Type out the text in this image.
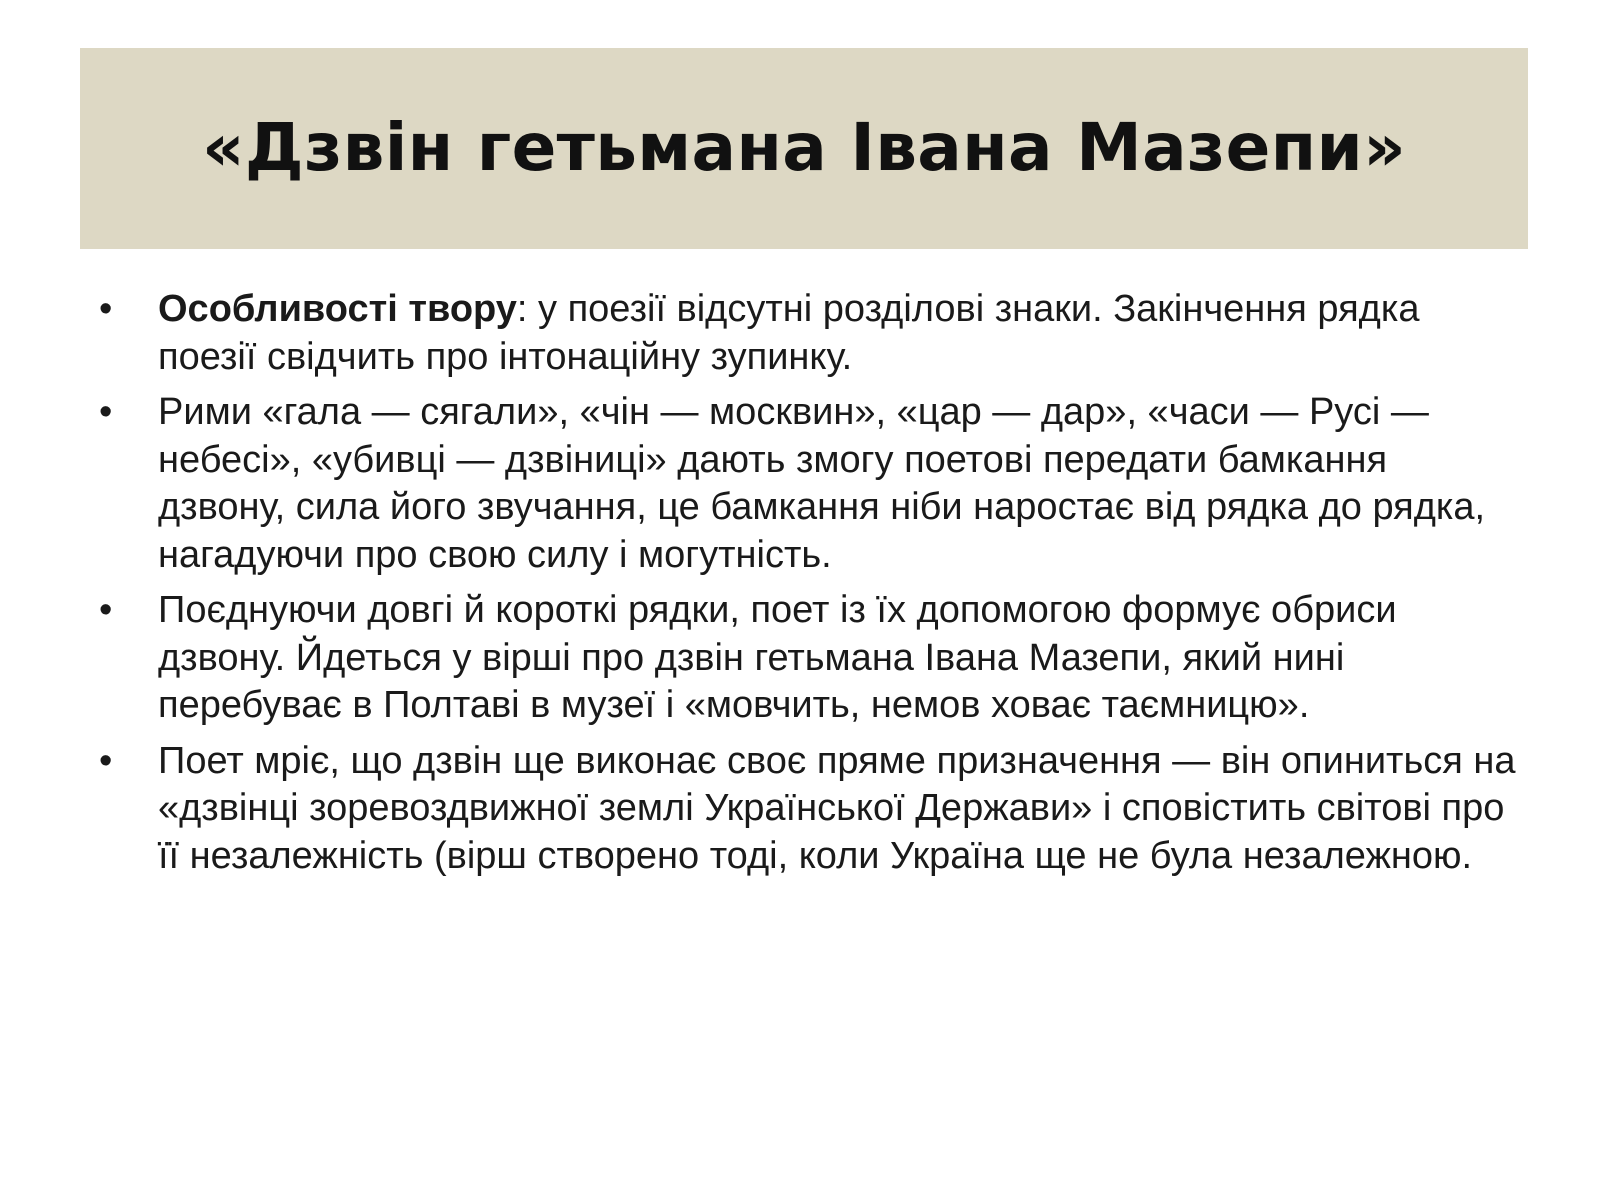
«Дзвін гетьмана Івана Мазепи»
• Особливості твору: у поезії відсутні розділові знаки. Закінчення рядка поезії свідчить про інтонаційну зупинку.
• Рими «гала — сягали», «чін — москвин», «цар — дар», «часи — Русі — небесі», «убивці — дзвіниці» дають змогу поетові передати бамкання дзвону, сила його звучання, це бамкання ніби наростає від рядка до рядка, нагадуючи про свою силу і могутність.
• Поєднуючи довгі й короткі рядки, поет із їх допомогою формує обриси дзвону. Йдеться у вірші про дзвін гетьмана Івана Мазепи, який нині перебуває в Полтаві в музеї і «мовчить, немов ховає таємницю».
• Поет мріє, що дзвін ще виконає своє пряме призначення — він опиниться на «дзвінці зоревоздвижної землі Української Держави» і сповістить світові про її незалежність (вірш створено тоді, коли Україна ще не була незалежною.
